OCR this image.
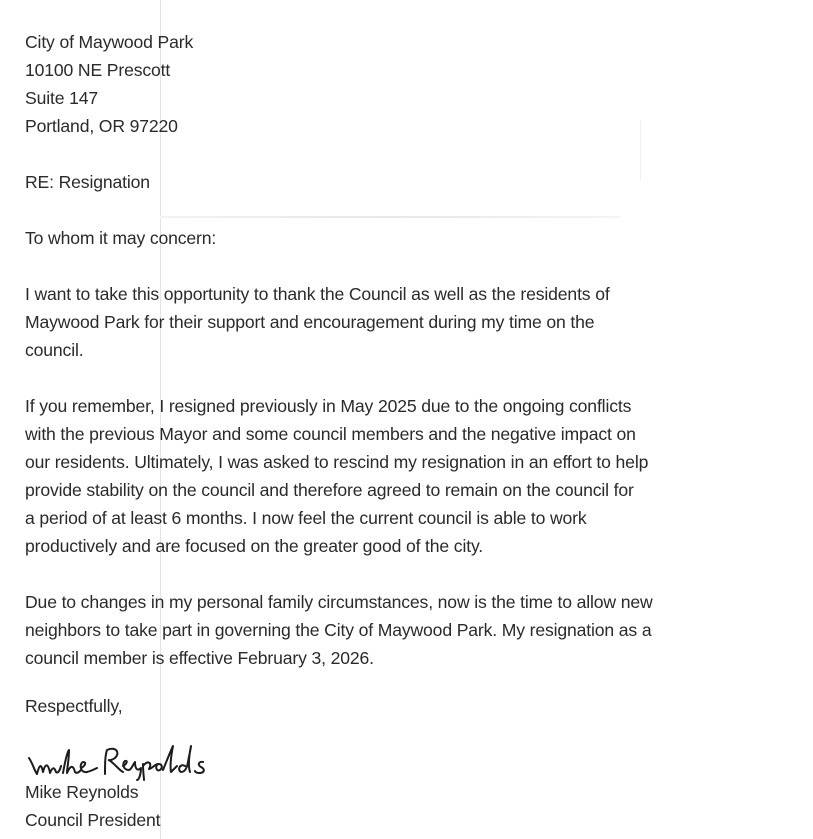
City of Maywood Park
10100 NE Prescott
Suite 147
Portland, OR 97220
RE: Resignation
To whom it may concern:
I want to take this opportunity to thank the Council as well as the residents of
Maywood Park for their support and encouragement during my time on the
council.
If you remember, I resigned previously in May 2025 due to the ongoing conflicts
with the previous Mayor and some council members and the negative impact on
our residents. Ultimately, I was asked to rescind my resignation in an effort to help
provide stability on the council and therefore agreed to remain on the council for
a period of at least 6 months. I now feel the current council is able to work
productively and are focused on the greater good of the city.
Due to changes in my personal family circumstances, now is the time to allow new
neighbors to take part in governing the City of Maywood Park. My resignation as a
council member is effective February 3, 2026.
Respectfully,
Mike Reynolds
Council President
